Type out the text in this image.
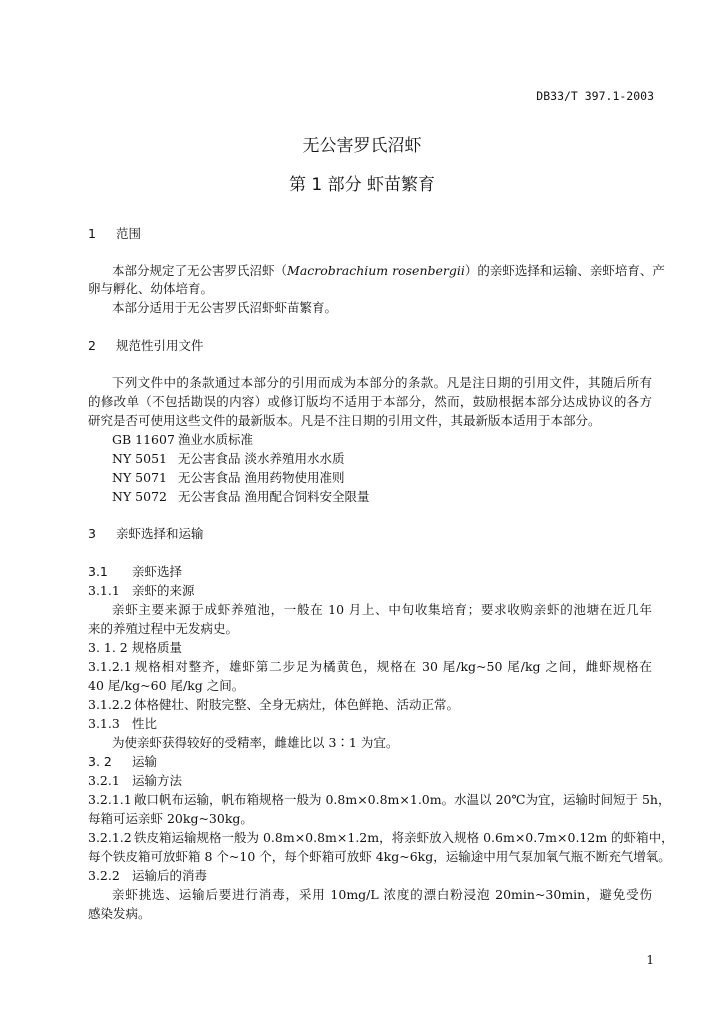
DB33/T 397.1-2003
无公害罗氏沼虾
第 1 部分 虾苗繁育
1 范围
本部分规定了无公害罗氏沼虾（Macrobrachium rosenbergii）的亲虾选择和运输、亲虾培育、产
卵与孵化、幼体培育。
本部分适用于无公害罗氏沼虾虾苗繁育。
2 规范性引用文件
下列文件中的条款通过本部分的引用而成为本部分的条款。凡是注日期的引用文件，其随后所有
的修改单（不包括勘误的内容）或修订版均不适用于本部分，然而，鼓励根据本部分达成协议的各方
研究是否可使用这些文件的最新版本。凡是不注日期的引用文件，其最新版本适用于本部分。
GB 11607 渔业水质标准
NY 5051 无公害食品 淡水养殖用水水质
NY 5071 无公害食品 渔用药物使用准则
NY 5072 无公害食品 渔用配合饲料安全限量
3 亲虾选择和运输
3.1 亲虾选择
3.1.1 亲虾的来源
亲虾主要来源于成虾养殖池，一般在 10 月上、中旬收集培育；要求收购亲虾的池塘在近几年
来的养殖过程中无发病史。
3. 1. 2 规格质量
3.1.2.1 规格相对整齐，雄虾第二步足为橘黄色，规格在 30 尾/kg~50 尾/kg 之间，雌虾规格在
40 尾/kg~60 尾/kg 之间。
3.1.2.2 体格健壮、附肢完整、全身无病灶，体色鲜艳、活动正常。
3.1.3 性比
为使亲虾获得较好的受精率，雌雄比以 3∶1 为宜。
3. 2 运输
3.2.1 运输方法
3.2.1.1 敞口帆布运输，帆布箱规格一般为 0.8m×0.8m×1.0m。水温以 20℃为宜，运输时间短于 5h，
每箱可运亲虾 20kg~30kg。
3.2.1.2 铁皮箱运输规格一般为 0.8m×0.8m×1.2m，将亲虾放入规格 0.6m×0.7m×0.12m 的虾箱中，
每个铁皮箱可放虾箱 8 个~10 个，每个虾箱可放虾 4kg~6kg，运输途中用气泵加氧气瓶不断充气增氧。
3.2.2 运输后的消毒
亲虾挑选、运输后要进行消毒，采用 10mg/L 浓度的漂白粉浸泡 20min~30min，避免受伤
感染发病。
1
